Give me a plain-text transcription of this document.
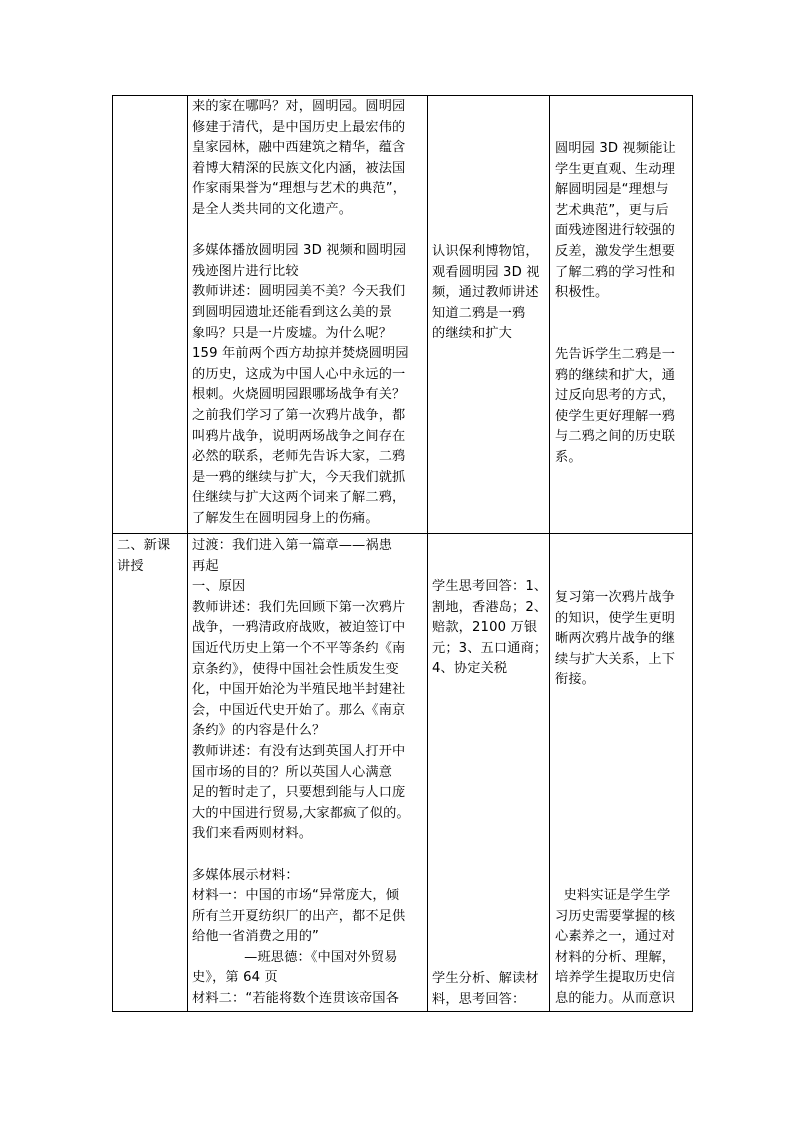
来的家在哪吗？对，圆明园。圆明园

修建于清代，是中国历史上最宏伟的

皇家园林，融中西建筑之精华，蕴含

着博大精深的民族文化内涵，被法国

作家雨果誉为“理想与艺术的典范”，

是全人类共同的文化遗产。

多媒体播放圆明园 3D 视频和圆明园

残迹图片进行比较

教师讲述：圆明园美不美？今天我们

到圆明园遗址还能看到这么美的景

象吗？只是一片废墟。为什么呢？

159 年前两个西方劫掠并焚烧圆明园

的历史，这成为中国人心中永远的一

根刺。火烧圆明园跟哪场战争有关？

之前我们学习了第一次鸦片战争，都

叫鸦片战争，说明两场战争之间存在

必然的联系，老师先告诉大家，二鸦

是一鸦的继续与扩大，今天我们就抓

住继续与扩大这两个词来了解二鸦，

了解发生在圆明园身上的伤痛。

认识保利博物馆，

观看圆明园 3D 视

频，通过教师讲述

知道二鸦是一鸦

的继续和扩大

圆明园 3D 视频能让

学生更直观、生动理

解圆明园是“理想与

艺术典范”，更与后

面残迹图进行较强的

反差，激发学生想要

了解二鸦的学习性和

积极性。

先告诉学生二鸦是一

鸦的继续和扩大，通

过反向思考的方式，

使学生更好理解一鸦

与二鸦之间的历史联

系。

二、新课

讲授

过渡：我们进入第一篇章——祸患

再起

一、原因

教师讲述：我们先回顾下第一次鸦片

战争，一鸦清政府战败，被迫签订中

国近代历史上第一个不平等条约《南

京条约》，使得中国社会性质发生变

化，中国开始沦为半殖民地半封建社

会，中国近代史开始了。那么《南京

条约》的内容是什么？

教师讲述：有没有达到英国人打开中

国市场的目的？所以英国人心满意

足的暂时走了，只要想到能与人口庞

大的中国进行贸易,大家都疯了似的。

我们来看两则材料。

多媒体展示材料：

材料一：中国的市场“异常庞大，倾

所有兰开夏纺织厂的出产，都不足供

给他一省消费之用的”

—班思德：《中国对外贸易

史》，第 64 页

材料二：“若能将数个连贯该帝国各

学生思考回答：1、

割地，香港岛；2、

赔款，2100 万银

元；3、五口通商；

4、协定关税

学生分析、解读材

料，思考回答：

复习第一次鸦片战争

的知识，使学生更明

晰两次鸦片战争的继

续与扩大关系，上下

衔接。

史料实证是学生学

习历史需要掌握的核

心素养之一，通过对

材料的分析、理解，

培养学生提取历史信

息的能力。从而意识
